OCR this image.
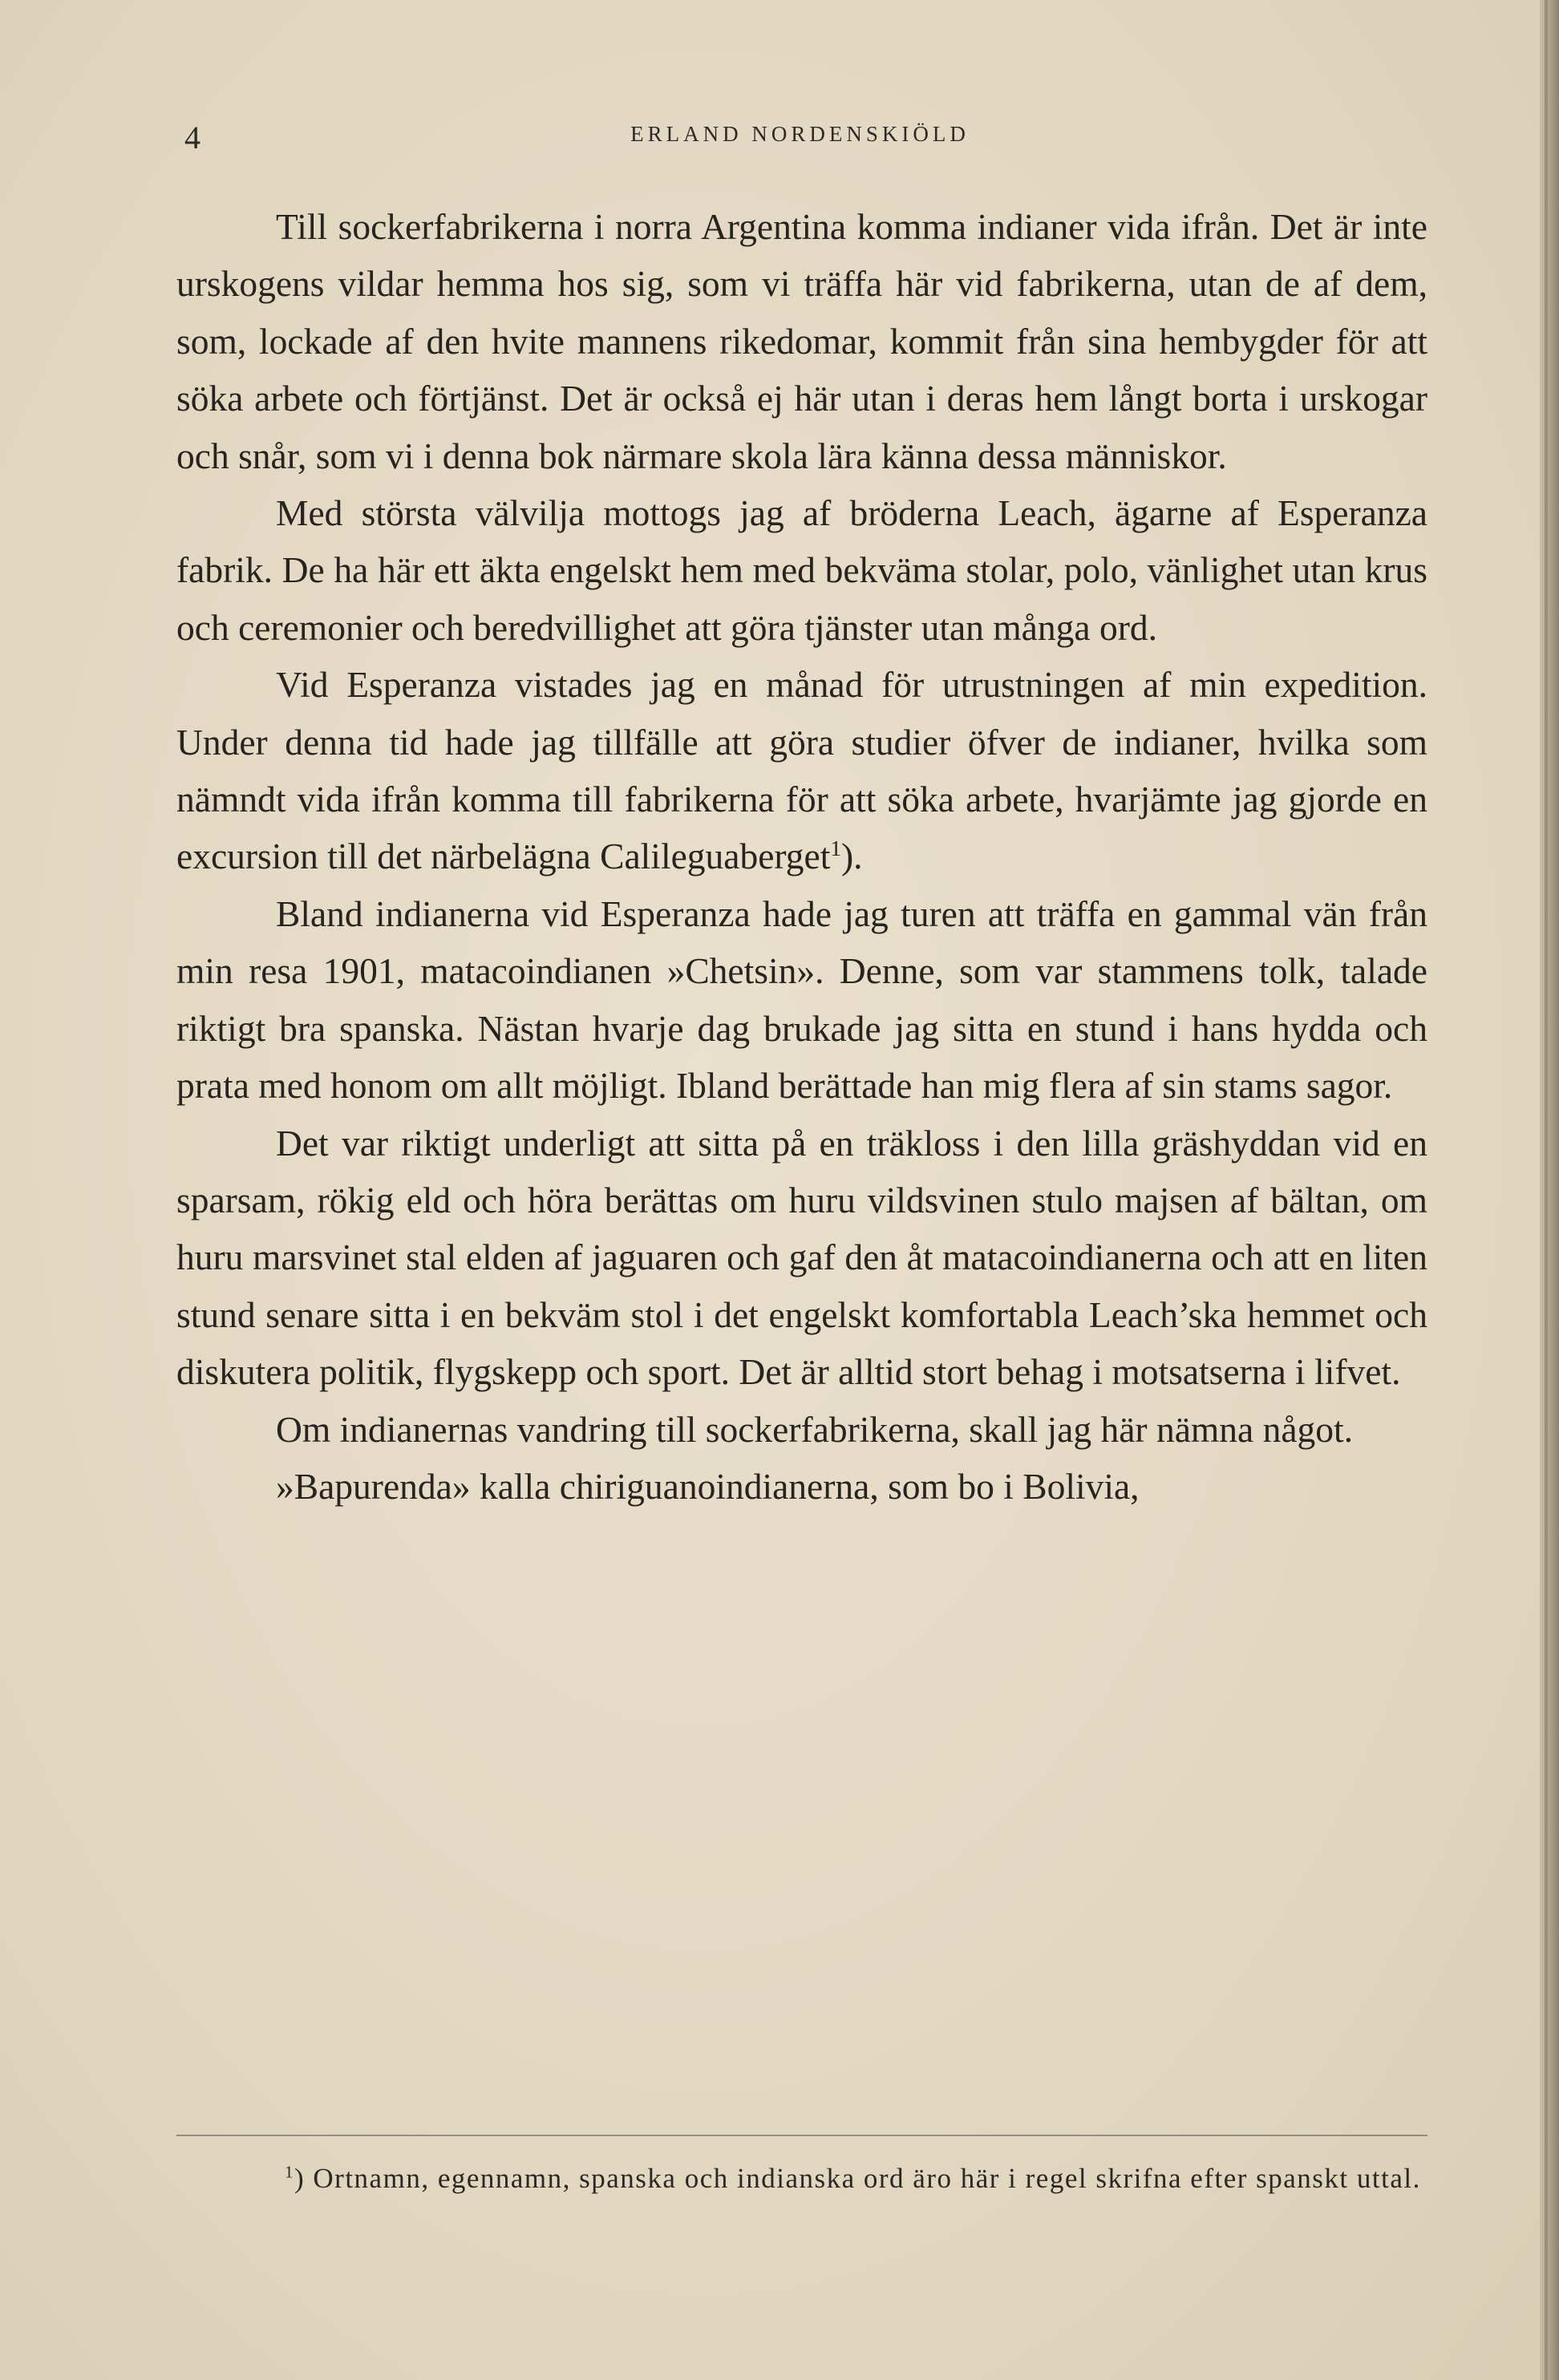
4	ERLAND NORDENSKIÖLD

Till sockerfabrikerna i norra Argentina komma indianer vida ifrån. Det är inte urskogens vildar hemma hos sig, som vi träffa här vid fabrikerna, utan de af dem, som, lockade af den hvite mannens rikedomar, kommit från sina hembygder för att söka arbete och förtjänst. Det är också ej här utan i deras hem långt borta i urskogar och snår, som vi i denna bok närmare skola lära känna dessa människor.

Med största välvilja mottogs jag af bröderna Leach, ägarne af Esperanza fabrik. De ha här ett äkta engelskt hem med bekväma stolar, polo, vänlighet utan krus och ceremonier och beredvillighet att göra tjänster utan många ord.

Vid Esperanza vistades jag en månad för utrustningen af min expedition. Under denna tid hade jag tillfälle att göra studier öfver de indianer, hvilka som nämndt vida ifrån komma till fabrikerna för att söka arbete, hvarjämte jag gjorde en excursion till det närbelägna Calileguaberget$^1$).

Bland indianerna vid Esperanza hade jag turen att träffa en gammal vän från min resa 1901, matacoindianen »Chetsin». Denne, som var stammens tolk, talade riktigt bra spanska. Nästan hvarje dag brukade jag sitta en stund i hans hydda och prata med honom om allt möjligt. Ibland berättade han mig flera af sin stams sagor.

Det var riktigt underligt att sitta på en träkloss i den lilla gräshyddan vid en sparsam, rökig eld och höra berättas om huru vildsvinen stulo majsen af bältan, om huru marsvinet stal elden af jaguaren och gaf den åt matacoindianerna och att en liten stund senare sitta i en bekväm stol i det engelskt komfortabla Leach’ska hemmet och diskutera politik, flygskepp och sport. Det är alltid stort behag i motsatserna i lifvet.

Om indianernas vandring till sockerfabrikerna, skall jag här nämna något.

»Bapurenda» kalla chiriguanoindianerna, som bo i Bolivia,

$^1$) Ortnamn, egennamn, spanska och indianska ord äro här i regel skrifna efter spanskt uttal.
